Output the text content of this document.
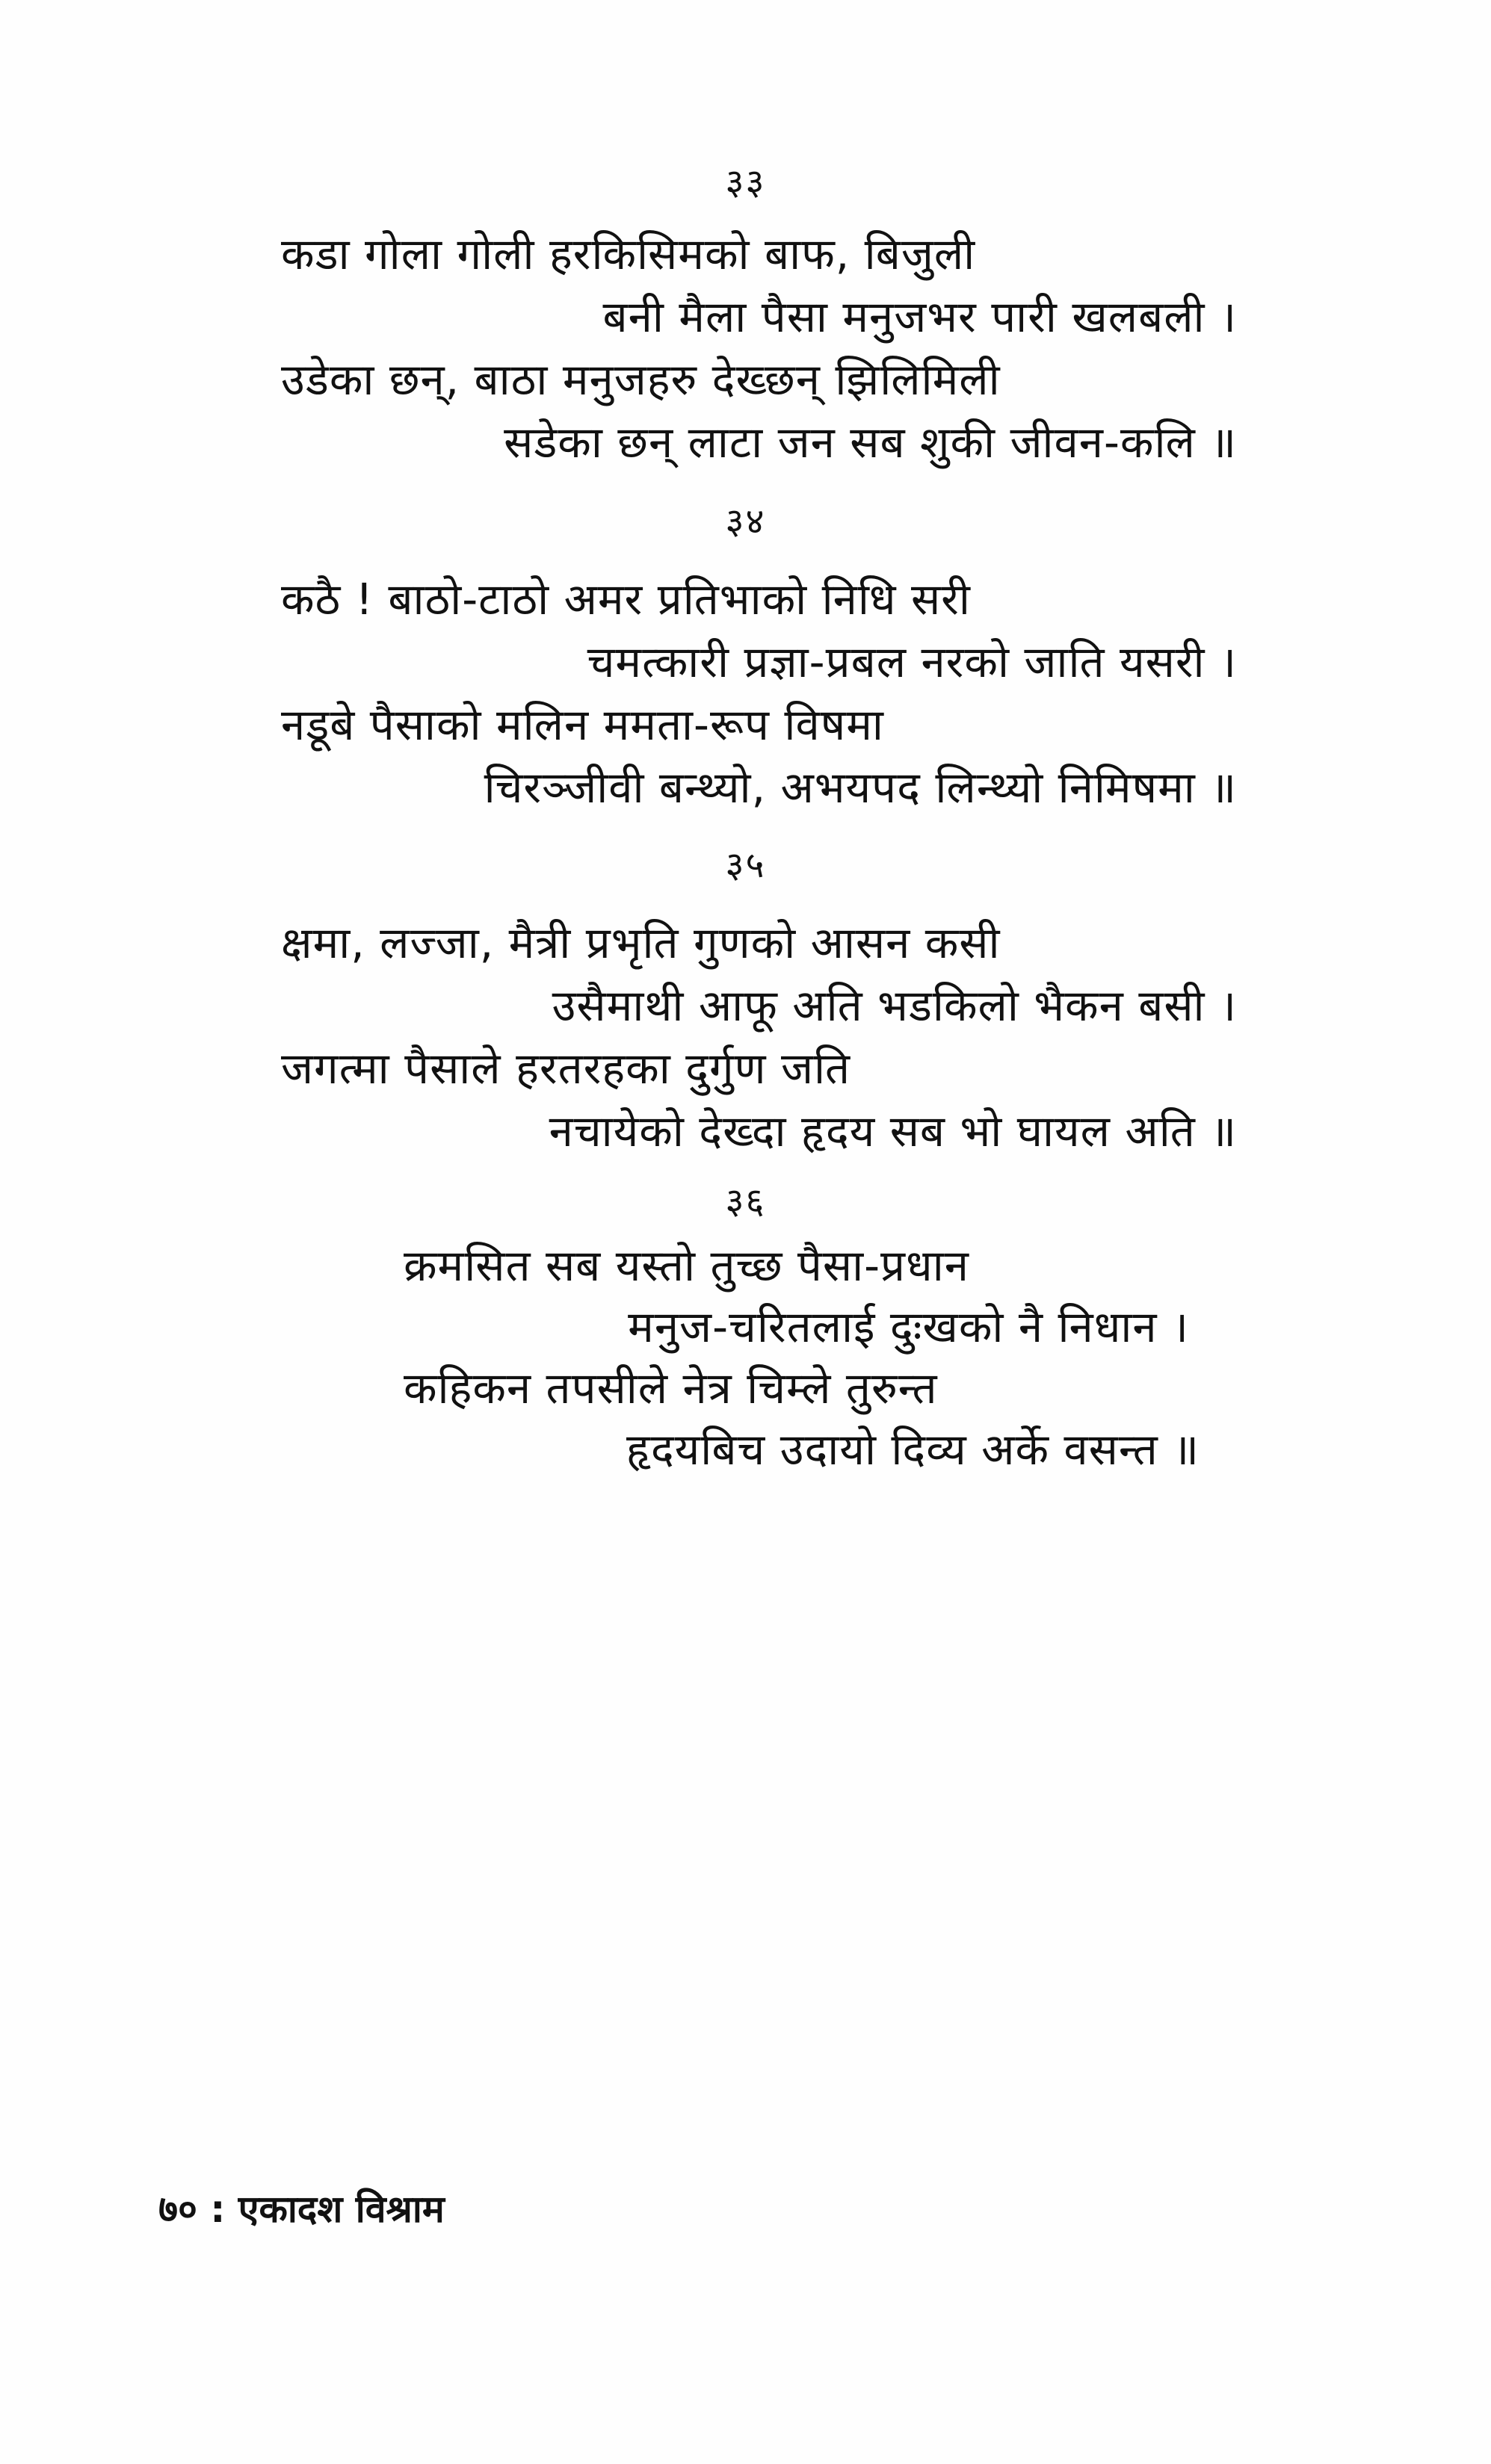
३३
कडा गोला गोली हरकिसिमको बाफ, बिजुली
बनी मैला पैसा मनुजभर पारी खलबली ।
उडेका छन्, बाठा मनुजहरु देख्छन् झिलिमिली
सडेका छन् लाटा जन सब शुकी जीवन-कलि ॥
३४
कठै ! बाठो-टाठो अमर प्रतिभाको निधि सरी
चमत्कारी प्रज्ञा-प्रबल नरको जाति यसरी ।
नडूबे पैसाको मलिन ममता-रूप विषमा
चिरञ्जीवी बन्थ्यो, अभयपद लिन्थ्यो निमिषमा ॥
३५
क्षमा, लज्जा, मैत्री प्रभृति गुणको आसन कसी
उसैमाथी आफू अति भडकिलो भैकन बसी ।
जगत्मा पैसाले हरतरहका दुर्गुण जति
नचायेको देख्दा हृदय सब भो घायल अति ॥
३६
क्रमसित सब यस्तो तुच्छ पैसा-प्रधान
मनुज-चरितलाई दुःखको नै निधान ।
कहिकन तपसीले नेत्र चिम्ले तुरुन्त
हृदयबिच उदायो दिव्य अर्के वसन्त ॥
७० : एकादश विश्राम
